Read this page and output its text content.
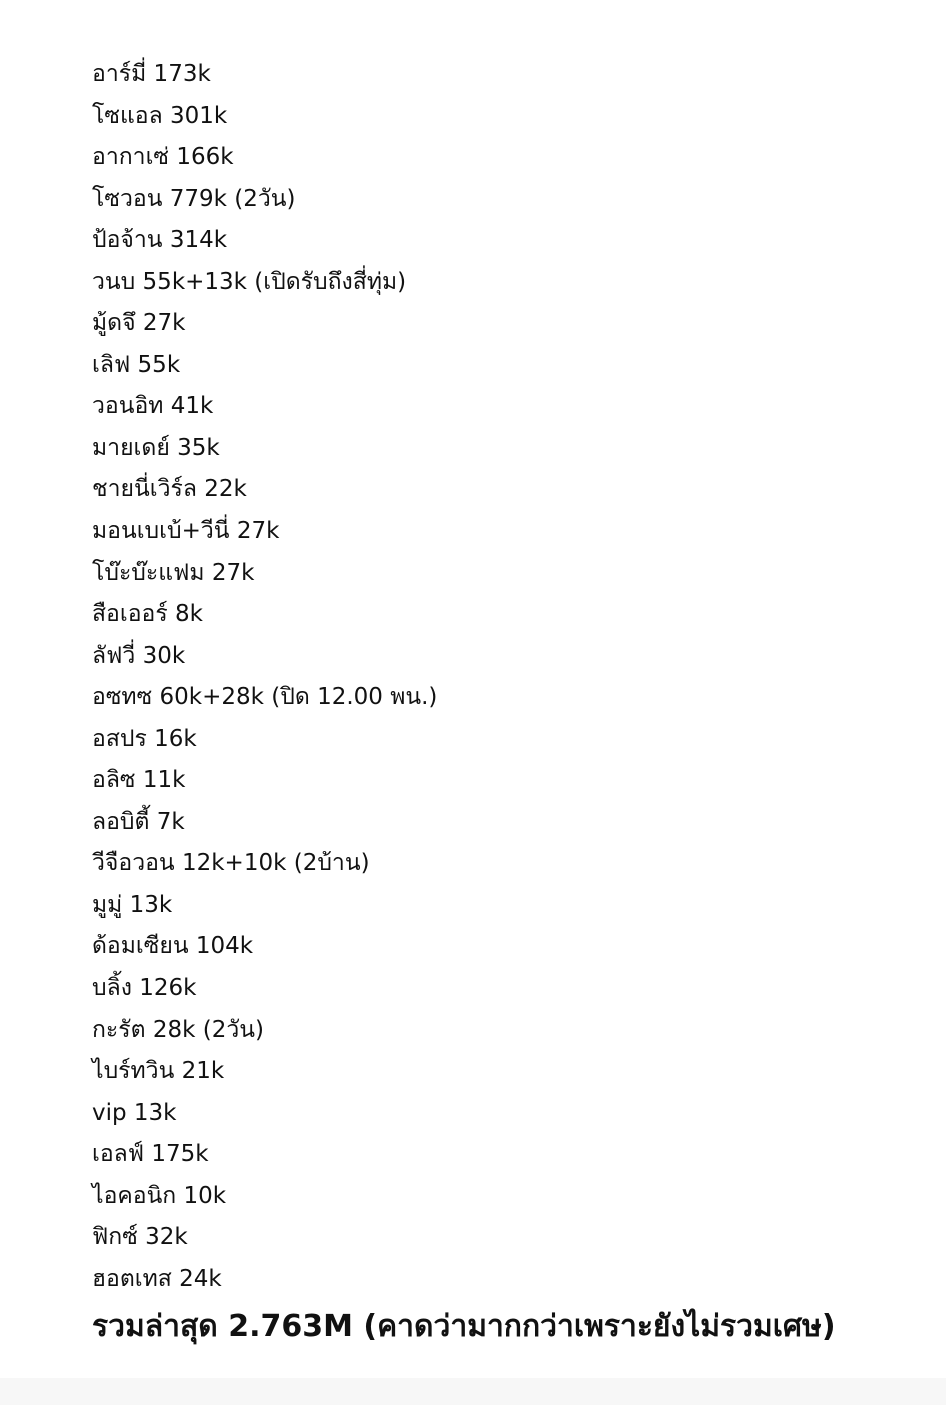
อาร์มี่ 173k
โซแอล 301k
อากาเซ่ 166k
โซวอน 779k (2วัน)
ป้อจ้าน 314k
วนบ 55k+13k (เปิดรับถึงสี่ทุ่ม)
มู้ดจึ 27k
เลิฟ 55k
วอนอิท 41k
มายเดย์ 35k
ชายนี่เวิร์ล 22k
มอนเบเบ้+วีนี่ 27k
โบ๊ะบ๊ะแฟม 27k
สือเออร์ 8k
ลัฟวี่ 30k
อซทซ 60k+28k (ปิด 12.00 พน.)
อสปร 16k
อลิซ 11k
ลอบิตี้ 7k
วีจือวอน 12k+10k (2บ้าน)
มูมู่ 13k
ด้อมเซียน 104k
บลิ้ง 126k
กะรัต 28k (2วัน)
ไบร์ทวิน 21k
vip 13k
เอลฟ์ 175k
ไอคอนิก 10k
ฟิกซ์ 32k
ฮอตเทส 24k

รวมล่าสุด 2.763M (คาดว่ามากกว่าเพราะยังไม่รวมเศษ)
